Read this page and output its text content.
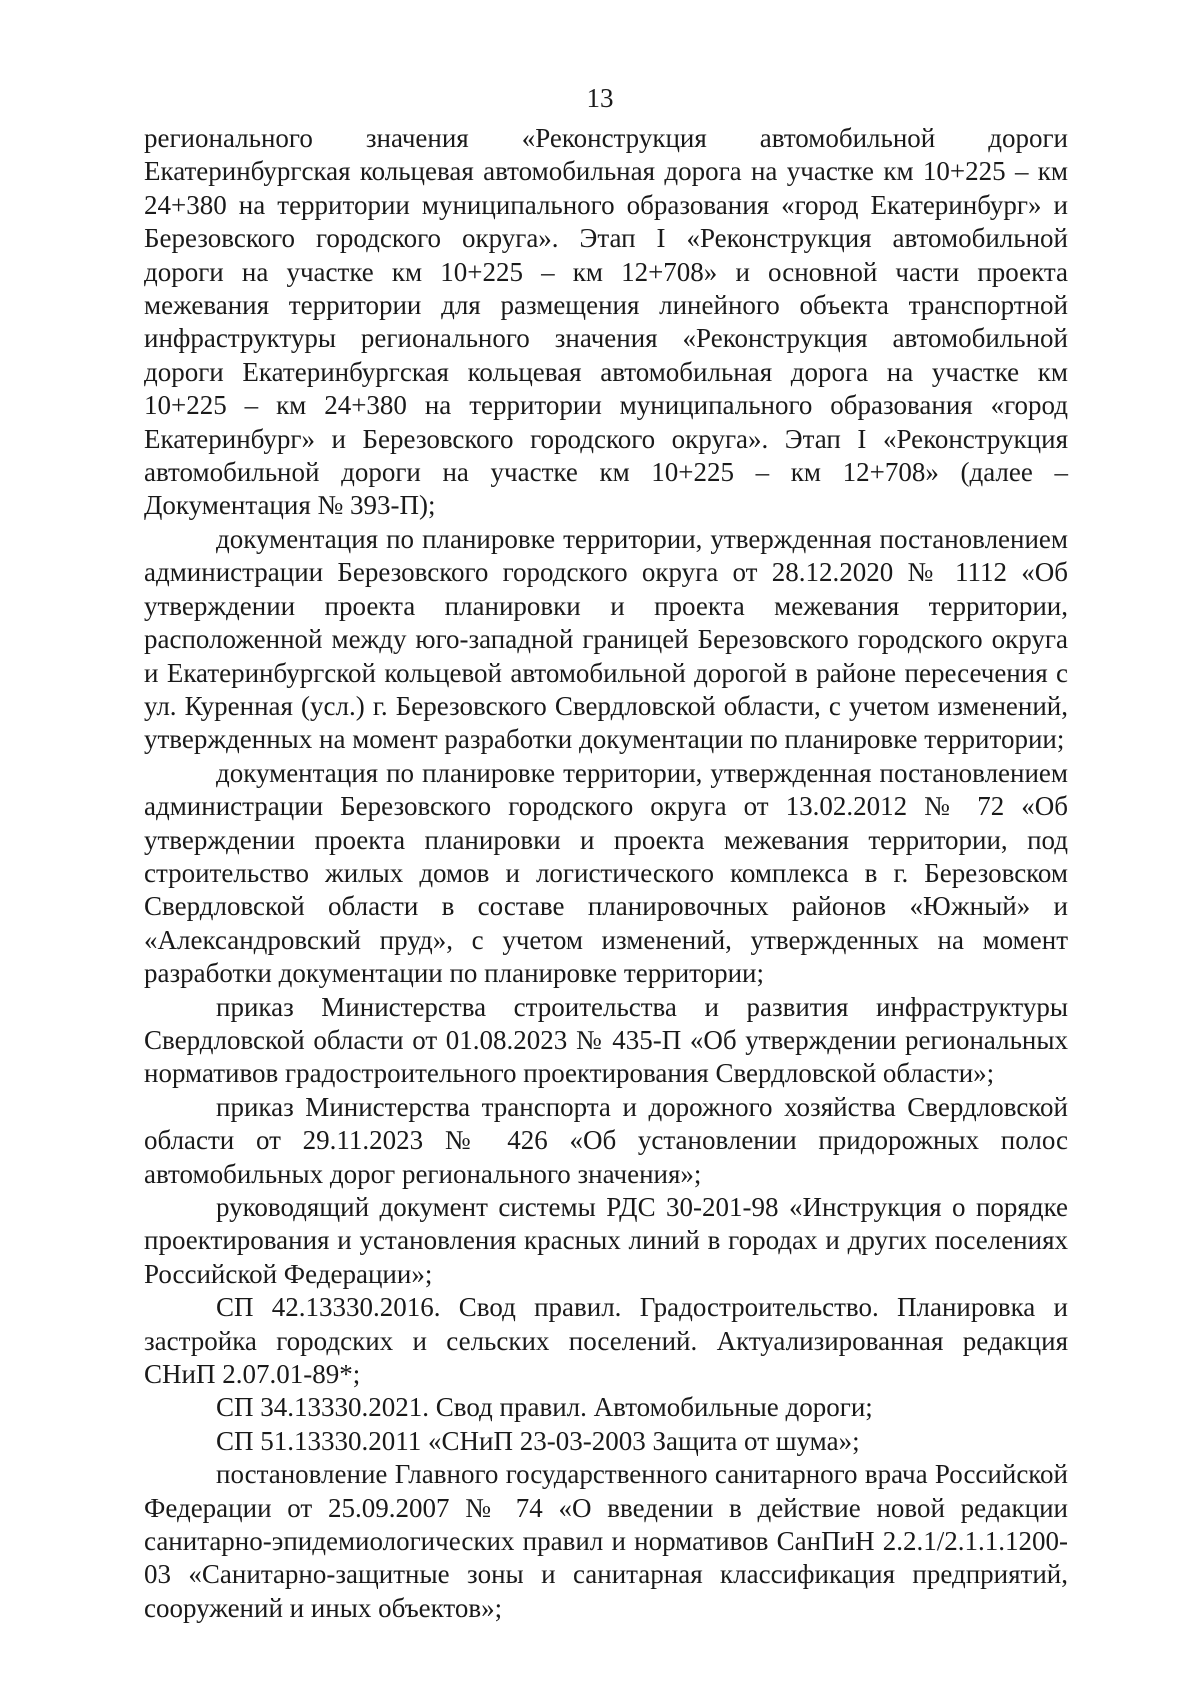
13

регионального значения «Реконструкция автомобильной дороги Екатеринбургская кольцевая автомобильная дорога на участке км 10+225 – км 24+380 на территории муниципального образования «город Екатеринбург» и Березовского городского округа». Этап I «Реконструкция автомобильной дороги на участке км 10+225 – км 12+708» и основной части проекта межевания территории для размещения линейного объекта транспортной инфраструктуры регионального значения «Реконструкция автомобильной дороги Екатеринбургская кольцевая автомобильная дорога на участке км 10+225 – км 24+380 на территории муниципального образования «город Екатеринбург» и Березовского городского округа». Этап I «Реконструкция автомобильной дороги на участке км 10+225 – км 12+708» (далее – Документация № 393-П);

документация по планировке территории, утвержденная постановлением администрации Березовского городского округа от 28.12.2020 № 1112 «Об утверждении проекта планировки и проекта межевания территории, расположенной между юго-западной границей Березовского городского округа и Екатеринбургской кольцевой автомобильной дорогой в районе пересечения с ул. Куренная (усл.) г. Березовского Свердловской области, с учетом изменений, утвержденных на момент разработки документации по планировке территории;

документация по планировке территории, утвержденная постановлением администрации Березовского городского округа от 13.02.2012 № 72 «Об утверждении проекта планировки и проекта межевания территории, под строительство жилых домов и логистического комплекса в г. Березовском Свердловской области в составе планировочных районов «Южный» и «Александровский пруд», с учетом изменений, утвержденных на момент разработки документации по планировке территории;

приказ Министерства строительства и развития инфраструктуры Свердловской области от 01.08.2023 № 435-П «Об утверждении региональных нормативов градостроительного проектирования Свердловской области»;

приказ Министерства транспорта и дорожного хозяйства Свердловской области от 29.11.2023 № 426 «Об установлении придорожных полос автомобильных дорог регионального значения»;

руководящий документ системы РДС 30-201-98 «Инструкция о порядке проектирования и установления красных линий в городах и других поселениях Российской Федерации»;

СП 42.13330.2016. Свод правил. Градостроительство. Планировка и застройка городских и сельских поселений. Актуализированная редакция СНиП 2.07.01-89*;

СП 34.13330.2021. Свод правил. Автомобильные дороги;

СП 51.13330.2011 «СНиП 23-03-2003 Защита от шума»;

постановление Главного государственного санитарного врача Российской Федерации от 25.09.2007 № 74 «О введении в действие новой редакции санитарно-эпидемиологических правил и нормативов СанПиН 2.2.1/2.1.1.1200-03 «Санитарно-защитные зоны и санитарная классификация предприятий, сооружений и иных объектов»;
